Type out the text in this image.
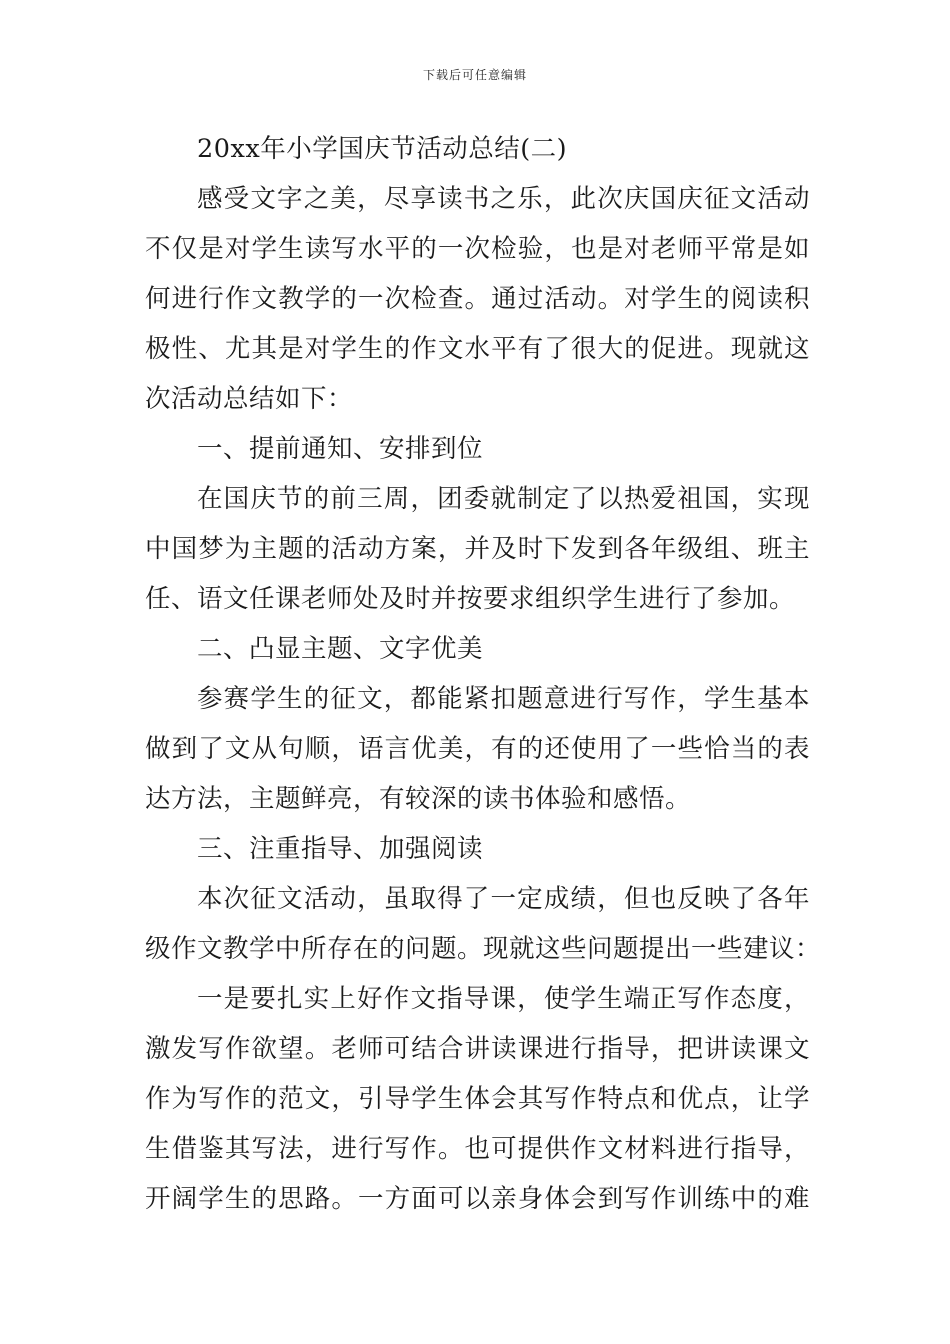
下载后可任意编辑
20xx年小学国庆节活动总结(二)
感受文字之美，尽享读书之乐，此次庆国庆征文活动
不仅是对学生读写水平的一次检验，也是对老师平常是如
何进行作文教学的一次检查。通过活动。对学生的阅读积
极性、尤其是对学生的作文水平有了很大的促进。现就这
次活动总结如下：
一、提前通知、安排到位
在国庆节的前三周，团委就制定了以热爱祖国，实现
中国梦为主题的活动方案，并及时下发到各年级组、班主
任、语文任课老师处及时并按要求组织学生进行了参加。
二、凸显主题、文字优美
参赛学生的征文，都能紧扣题意进行写作，学生基本
做到了文从句顺，语言优美，有的还使用了一些恰当的表
达方法，主题鲜亮，有较深的读书体验和感悟。
三、注重指导、加强阅读
本次征文活动，虽取得了一定成绩，但也反映了各年
级作文教学中所存在的问题。现就这些问题提出一些建议：
一是要扎实上好作文指导课，使学生端正写作态度，
激发写作欲望。老师可结合讲读课进行指导，把讲读课文
作为写作的范文，引导学生体会其写作特点和优点，让学
生借鉴其写法，进行写作。也可提供作文材料进行指导，
开阔学生的思路。一方面可以亲身体会到写作训练中的难
